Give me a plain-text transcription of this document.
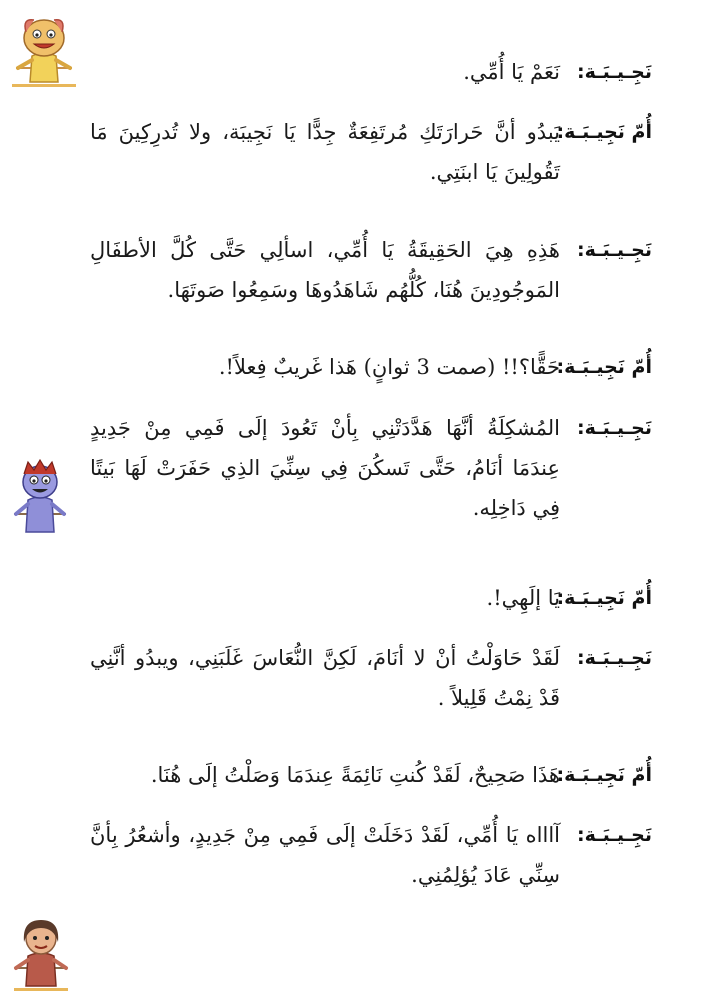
نَجِـيـبَـة:
نَعَمْ يَا أُمِّي.
أُمّ نَجِيـبَـة:
يَبدُو أنَّ حَرارَتَكِ مُرتَفِعَةٌ جِدًّا يَا نَجِيبَة، ولا تُدرِكِينَ مَا تَقُولِينَ يَا ابنَتِي.
نَجِـيـبَـة:
هَذِهِ هِيَ الحَقِيقَةُ يَا أُمِّي، اسألِي حَتَّى كُلَّ الأطفَالِ المَوجُودِينَ هُنَا، كُلُّهُم شَاهَدُوهَا وسَمِعُوا صَوتَهَا.
أُمّ نَجِيـبَـة:
حَقًّا؟!! (صمت 3 ثوانٍ) هَذا غَريبٌ فِعلاً!.
نَجِـيـبَـة:
المُشكِلَةُ أنَّهَا هَدَّدَتْنِي بِأنْ تَعُودَ إلَى فَمِي مِنْ جَدِيدٍ عِندَمَا أنَامُ، حَتَّى تَسكُنَ فِي سِنِّيَ الذِي حَفَرَتْ لَهَا بَيتًا فِي دَاخِلِه.
أُمّ نَجِيـبَـة:
يَا إلَهِي!.
نَجِـيـبَـة:
لَقَدْ حَاوَلْتُ أنْ لا أنَامَ، لَكِنَّ النُّعَاسَ غَلَبَنِي، ويبدُو أنَّنِي قَدْ نِمْتُ قَلِيلاً .
أُمّ نَجِيـبَـة:
هَذَا صَحِيحٌ، لَقَدْ كُنتِ نَائِمَةً عِندَمَا وَصَلْتُ إلَى هُنَا.
نَجِـيـبَـة:
آاااه يَا أُمِّي، لَقَدْ دَخَلَتْ إلَى فَمِي مِنْ جَدِيدٍ، وأشعُرُ بِأنَّ سِنِّي عَادَ يُؤلِمُنِي.
